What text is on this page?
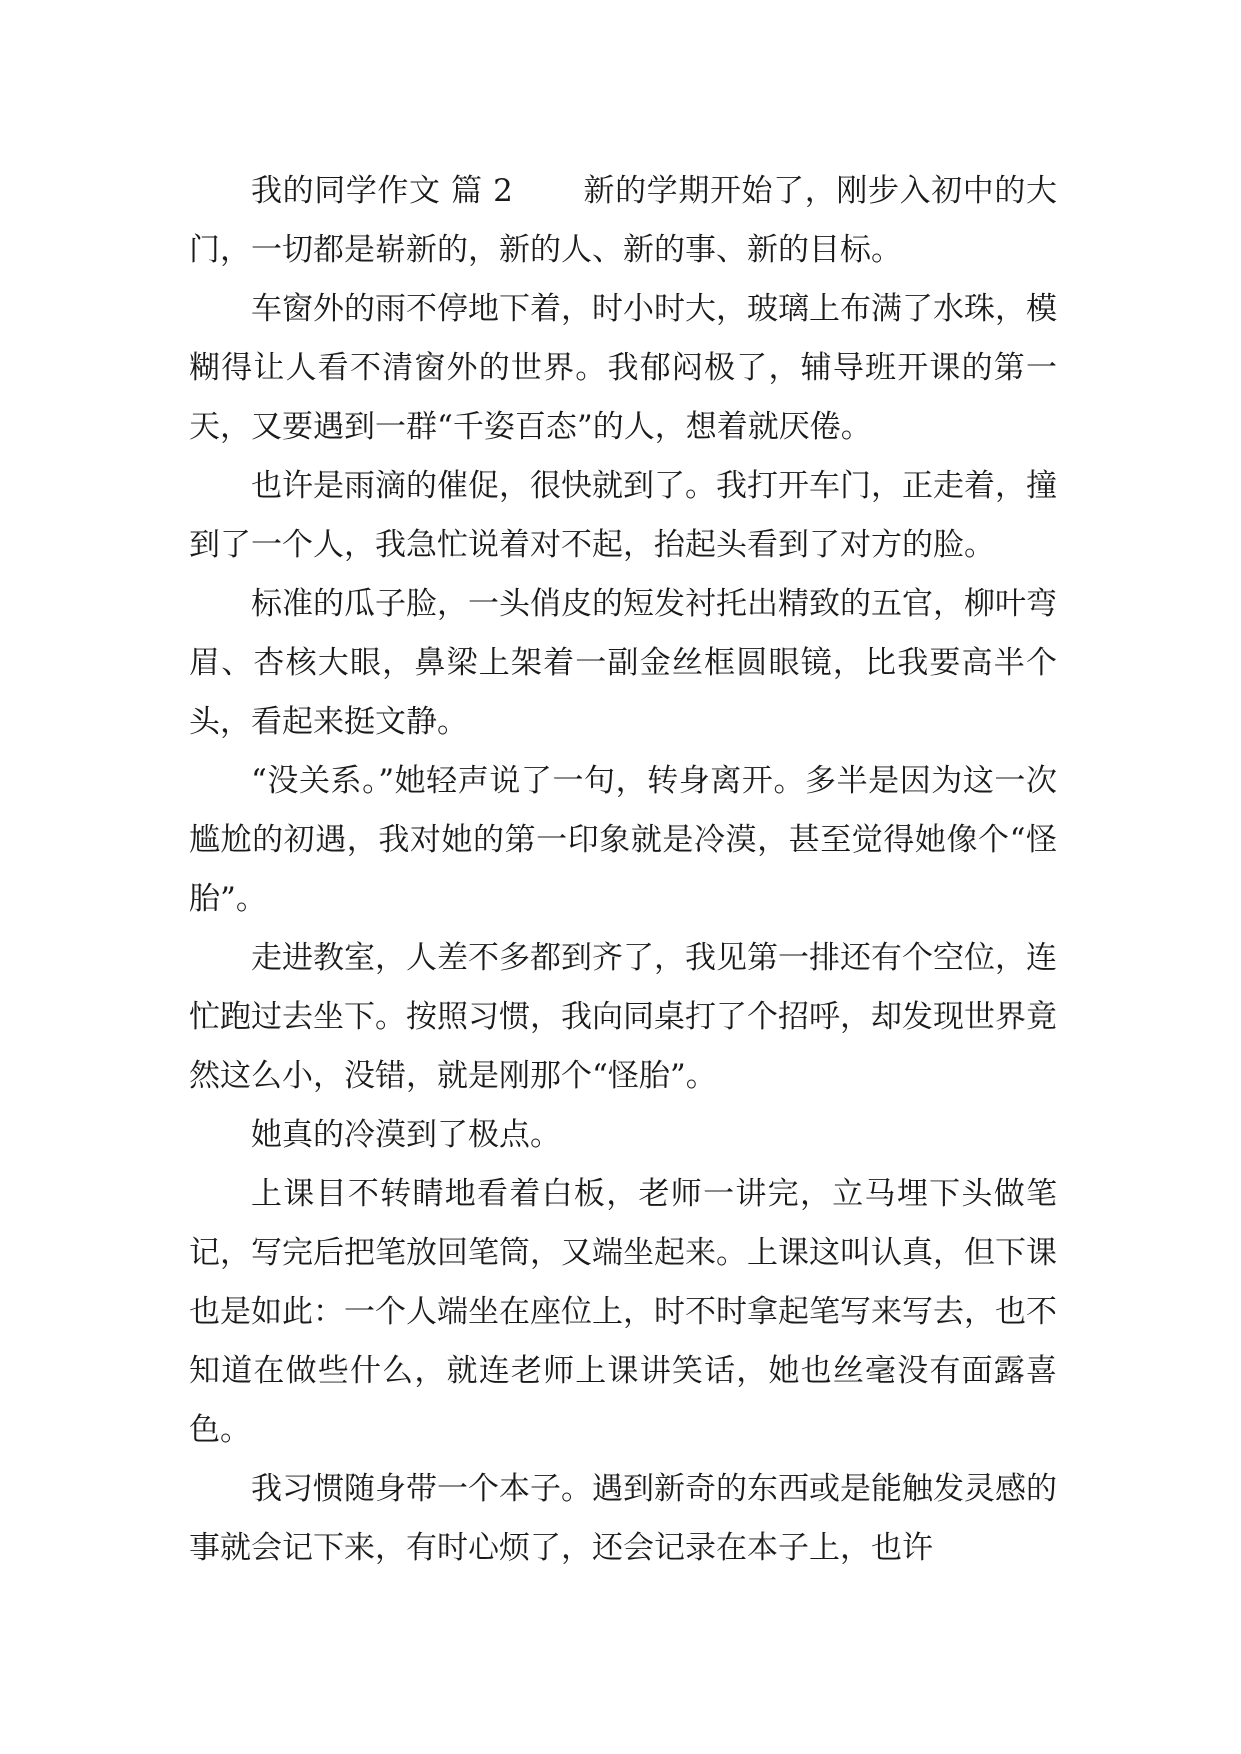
我的同学作文 篇 2 新的学期开始了，刚步入初中的大门，一切都是崭新的，新的人、新的事、新的目标。

车窗外的雨不停地下着，时小时大，玻璃上布满了水珠，模糊得让人看不清窗外的世界。我郁闷极了，辅导班开课的第一天，又要遇到一群“千姿百态”的人，想着就厌倦。

也许是雨滴的催促，很快就到了。我打开车门，正走着，撞到了一个人，我急忙说着对不起，抬起头看到了对方的脸。

标准的瓜子脸，一头俏皮的短发衬托出精致的五官，柳叶弯眉、杏核大眼，鼻梁上架着一副金丝框圆眼镜，比我要高半个头，看起来挺文静。

“没关系。”她轻声说了一句，转身离开。多半是因为这一次尴尬的初遇，我对她的第一印象就是冷漠，甚至觉得她像个“怪胎”。

走进教室，人差不多都到齐了，我见第一排还有个空位，连忙跑过去坐下。按照习惯，我向同桌打了个招呼，却发现世界竟然这么小，没错，就是刚那个“怪胎”。

她真的冷漠到了极点。

上课目不转睛地看着白板，老师一讲完，立马埋下头做笔记，写完后把笔放回笔筒，又端坐起来。上课这叫认真，但下课也是如此：一个人端坐在座位上，时不时拿起笔写来写去，也不知道在做些什么，就连老师上课讲笑话，她也丝毫没有面露喜色。

我习惯随身带一个本子。遇到新奇的东西或是能触发灵感的事就会记下来，有时心烦了，还会记录在本子上，也许
